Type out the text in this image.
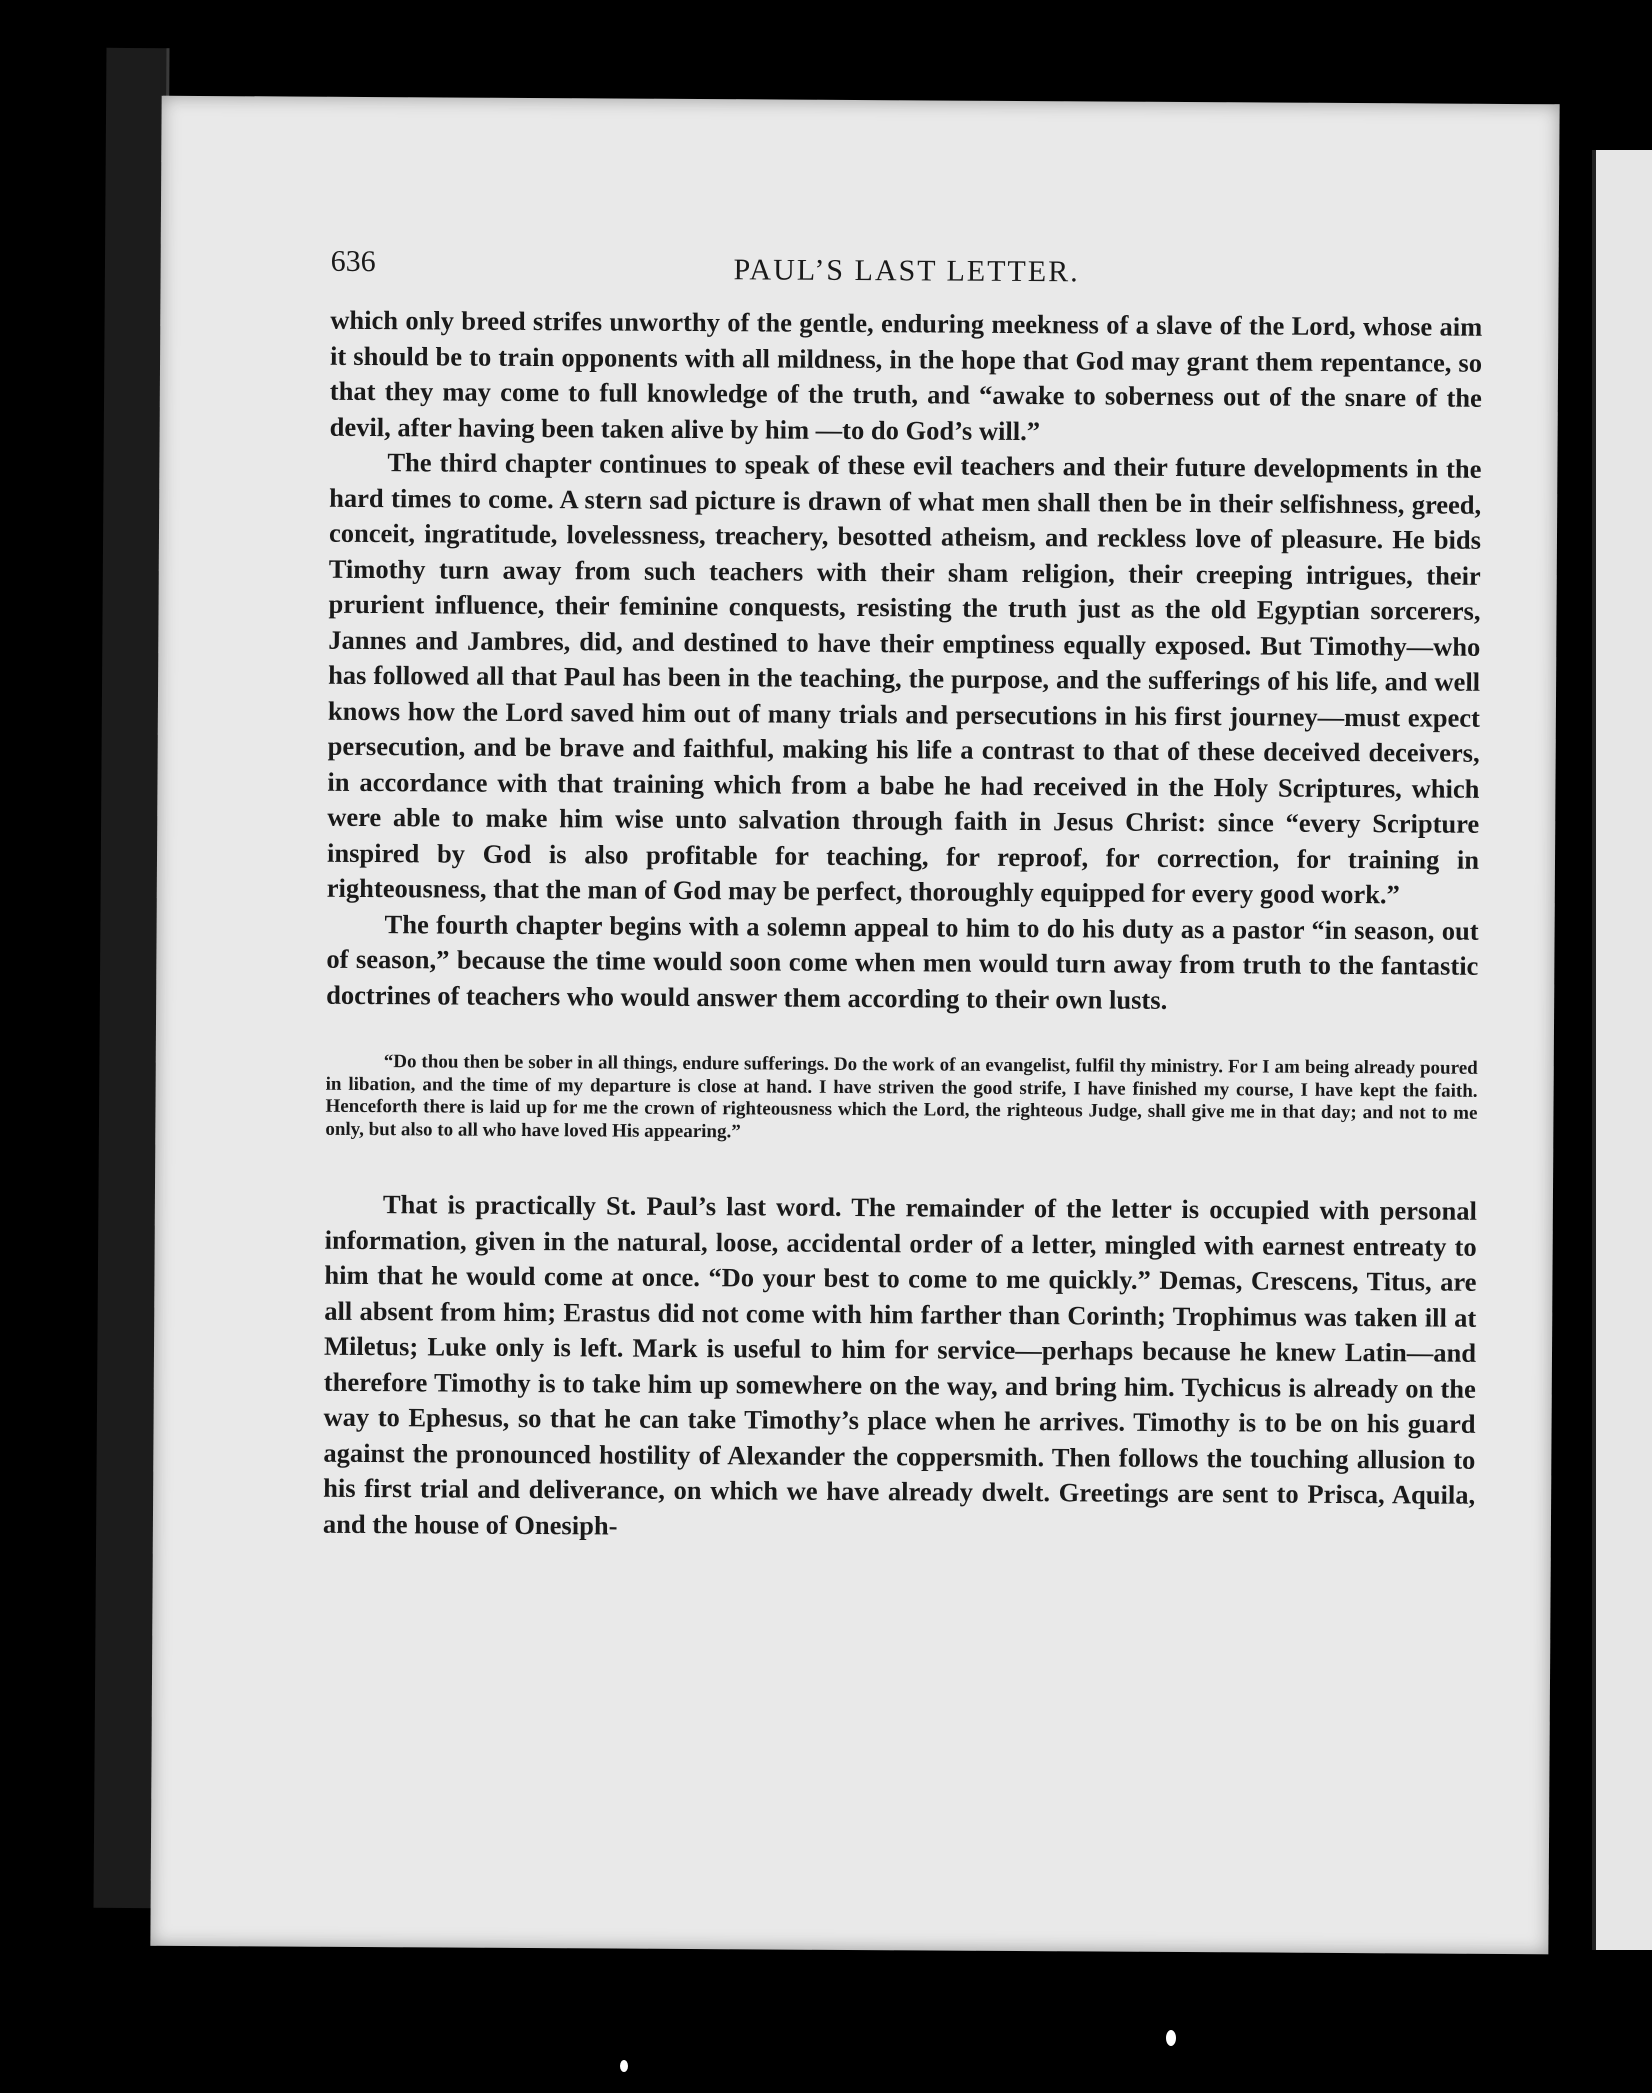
636	PAUL’S LAST LETTER.

which only breed strifes unworthy of the gentle, enduring meekness of a slave of the Lord, whose aim it should be to train opponents with all mildness, in the hope that God may grant them repentance, so that they may come to full knowledge of the truth, and “awake to soberness out of the snare of the devil, after having been taken alive by him —to do God’s will.”

The third chapter continues to speak of these evil teachers and their future developments in the hard times to come. A stern sad picture is drawn of what men shall then be in their selfishness, greed, conceit, ingratitude, lovelessness, treachery, besotted atheism, and reckless love of pleasure. He bids Timothy turn away from such teachers with their sham religion, their creeping intrigues, their prurient influence, their feminine conquests, resisting the truth just as the old Egyptian sorcerers, Jannes and Jambres, did, and destined to have their emptiness equally exposed. But Timothy—who has followed all that Paul has been in the teaching, the purpose, and the sufferings of his life, and well knows how the Lord saved him out of many trials and persecutions in his first journey—must expect persecution, and be brave and faithful, making his life a contrast to that of these deceived deceivers, in accordance with that training which from a babe he had received in the Holy Scriptures, which were able to make him wise unto salvation through faith in Jesus Christ: since “every Scripture inspired by God is also profitable for teaching, for reproof, for correction, for training in righteousness, that the man of God may be perfect, thoroughly equipped for every good work.”

The fourth chapter begins with a solemn appeal to him to do his duty as a pastor “in season, out of season,” because the time would soon come when men would turn away from truth to the fantastic doctrines of teachers who would answer them according to their own lusts.

“Do thou then be sober in all things, endure sufferings. Do the work of an evangelist, fulfil thy ministry. For I am being already poured in libation, and the time of my departure is close at hand. I have striven the good strife, I have finished my course, I have kept the faith. Henceforth there is laid up for me the crown of righteousness which the Lord, the righteous Judge, shall give me in that day; and not to me only, but also to all who have loved His appearing.”

That is practically St. Paul’s last word. The remainder of the letter is occupied with personal information, given in the natural, loose, accidental order of a letter, mingled with earnest entreaty to him that he would come at once. “Do your best to come to me quickly.” Demas, Crescens, Titus, are all absent from him; Erastus did not come with him farther than Corinth; Trophimus was taken ill at Miletus; Luke only is left. Mark is useful to him for service—perhaps because he knew Latin—and therefore Timothy is to take him up somewhere on the way, and bring him. Tychicus is already on the way to Ephesus, so that he can take Timothy’s place when he arrives. Timothy is to be on his guard against the pronounced hostility of Alexander the coppersmith. Then follows the touching allusion to his first trial and deliverance, on which we have already dwelt. Greetings are sent to Prisca, Aquila, and the house of Onesiph-
